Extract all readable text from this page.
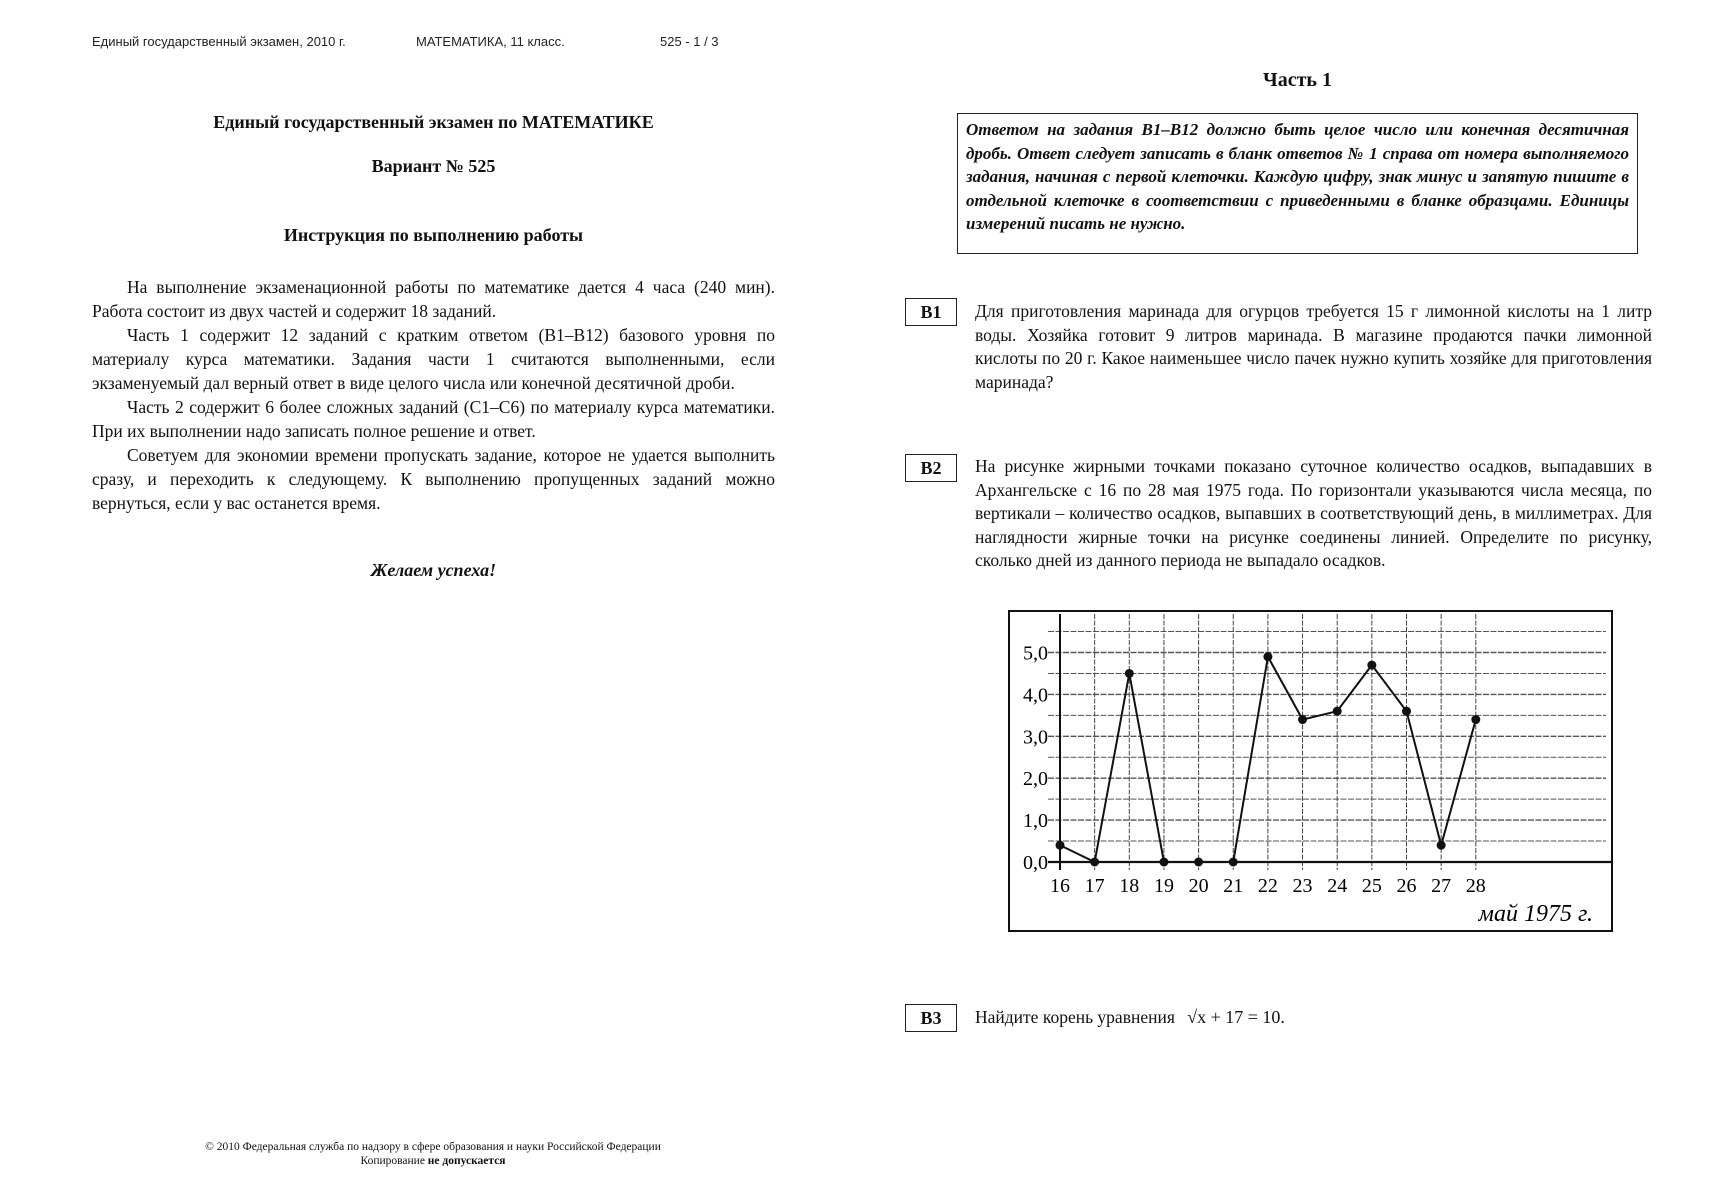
Единый государственный экзамен, 2010 г.	МАТЕМАТИКА, 11 класс.	525 - 1 / 3
Единый государственный экзамен по МАТЕМАТИКЕ
Вариант № 525
Инструкция по выполнению работы

На выполнение экзаменационной работы по математике дается 4 часа (240 мин). Работа состоит из двух частей и содержит 18 заданий.

Часть 1 содержит 12 заданий с кратким ответом (B1–B12) базового уровня по материалу курса математики. Задания части 1 считаются выполненными, если экзаменуемый дал верный ответ в виде целого числа или конечной десятичной дроби.

Часть 2 содержит 6 более сложных заданий (C1–C6) по материалу курса математики. При их выполнении надо записать полное решение и ответ.

Советуем для экономии времени пропускать задание, которое не удается выполнить сразу, и переходить к следующему. К выполнению пропущенных заданий можно вернуться, если у вас останется время.

Желаем успеха!
Часть 1
Ответом на задания B1–B12 должно быть целое число или конечная десятичная дробь. Ответ следует записать в бланк ответов № 1 справа от номера выполняемого задания, начиная с первой клеточки. Каждую цифру, знак минус и запятую пишите в отдельной клеточке в соответствии с приведенными в бланке образцами. Единицы измерений писать не нужно.
B1	Для приготовления маринада для огурцов требуется 15 г лимонной кислоты на 1 литр воды. Хозяйка готовит 9 литров маринада. В магазине продаются пачки лимонной кислоты по 20 г. Какое наименьшее число пачек нужно купить хозяйке для приготовления маринада?
B2	На рисунке жирными точками показано суточное количество осадков, выпадавших в Архангельске с 16 по 28 мая 1975 года. По горизонтали указываются числа месяца, по вертикали – количество осадков, выпавших в соответствующий день, в миллиметрах. Для наглядности жирные точки на рисунке соединены линией. Определите по рисунку, сколько дней из данного периода не выпадало осадков.
0,0
1,0
2,0
3,0
4,0
5,0
16 17 18 19 20 21 22 23 24 25 26 27 28
май 1975 г.
B3	Найдите корень уравнения √x + 17 = 10.
© 2010 Федеральная служба по надзору в сфере образования и науки Российской Федерации
Копирование не допускается
